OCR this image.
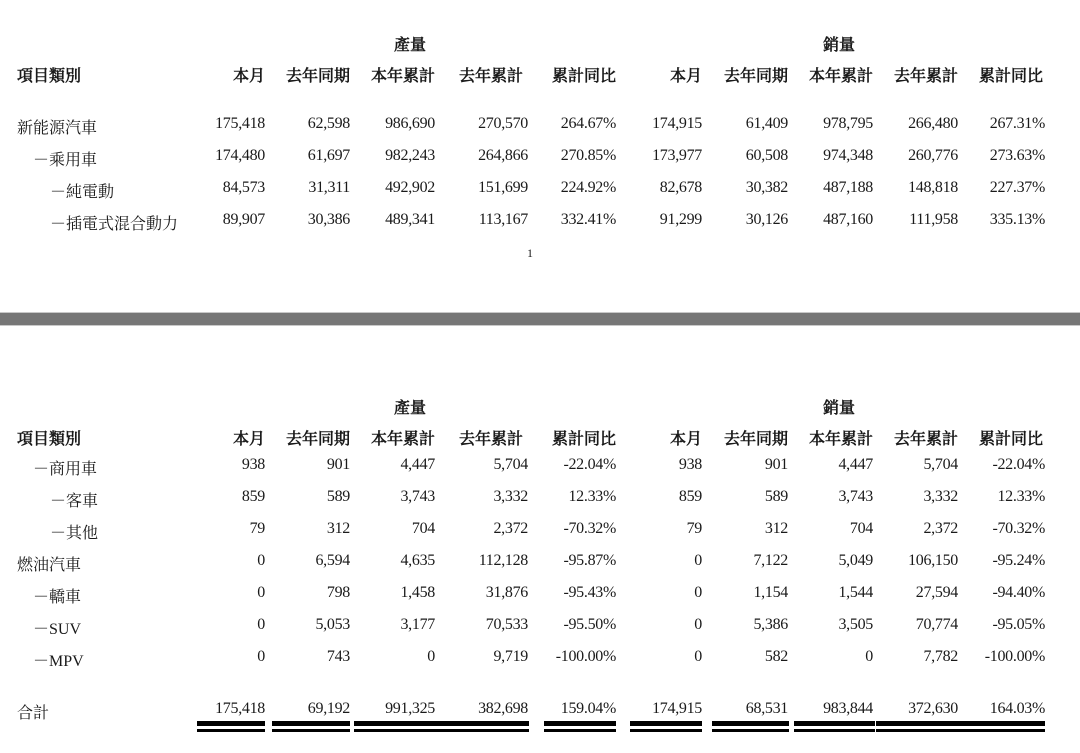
產量	銷量
項目類別	本月 去年同期 本年累計 去年累計 累計同比	本月 去年同期 本年累計 去年累計 累計同比
新能源汽車	175,418	62,598 986,690	270,570 264.67% 174,915	61,409 978,795 266,480 267.31%
－乘用車	174,480	61,697 982,243	264,866 270.85% 173,977	60,508 974,348 260,776 273.63%
－純電動	84,573	31,311 492,902	151,699 224.92%	82,678	30,382 487,188 148,818 227.37%
－插電式混合動力	89,907	30,386 489,341	113,167 332.41%	91,299	30,126 487,160 111,958 335.13%
1
產量	銷量
項目類別	本月 去年同期 本年累計 去年累計 累計同比	本月 去年同期 本年累計 去年累計 累計同比
－商用車	938	901	4,447	5,704 -22.04%	938	901	4,447	5,704 -22.04%
－客車	859	589	3,743	3,332	12.33%	859	589	3,743	3,332 12.33%
－其他	79	312	704	2,372 -70.32%	79	312	704	2,372 -70.32%
燃油汽車	0	6,594	4,635	112,128 -95.87%	0	7,122	5,049 106,150 -95.24%
－轎車	0	798	1,458	31,876 -95.43%	0	1,154	1,544	27,594 -94.40%
－SUV	0	5,053	3,177	70,533 -95.50%	0	5,386	3,505	70,774 -95.05%
－MPV	0	743	0	9,719 -100.00%	0	582	0	7,782 -100.00%
合計	175,418	69,192 991,325	382,698 159.04% 174,915	68,531 983,844 372,630 164.03%
